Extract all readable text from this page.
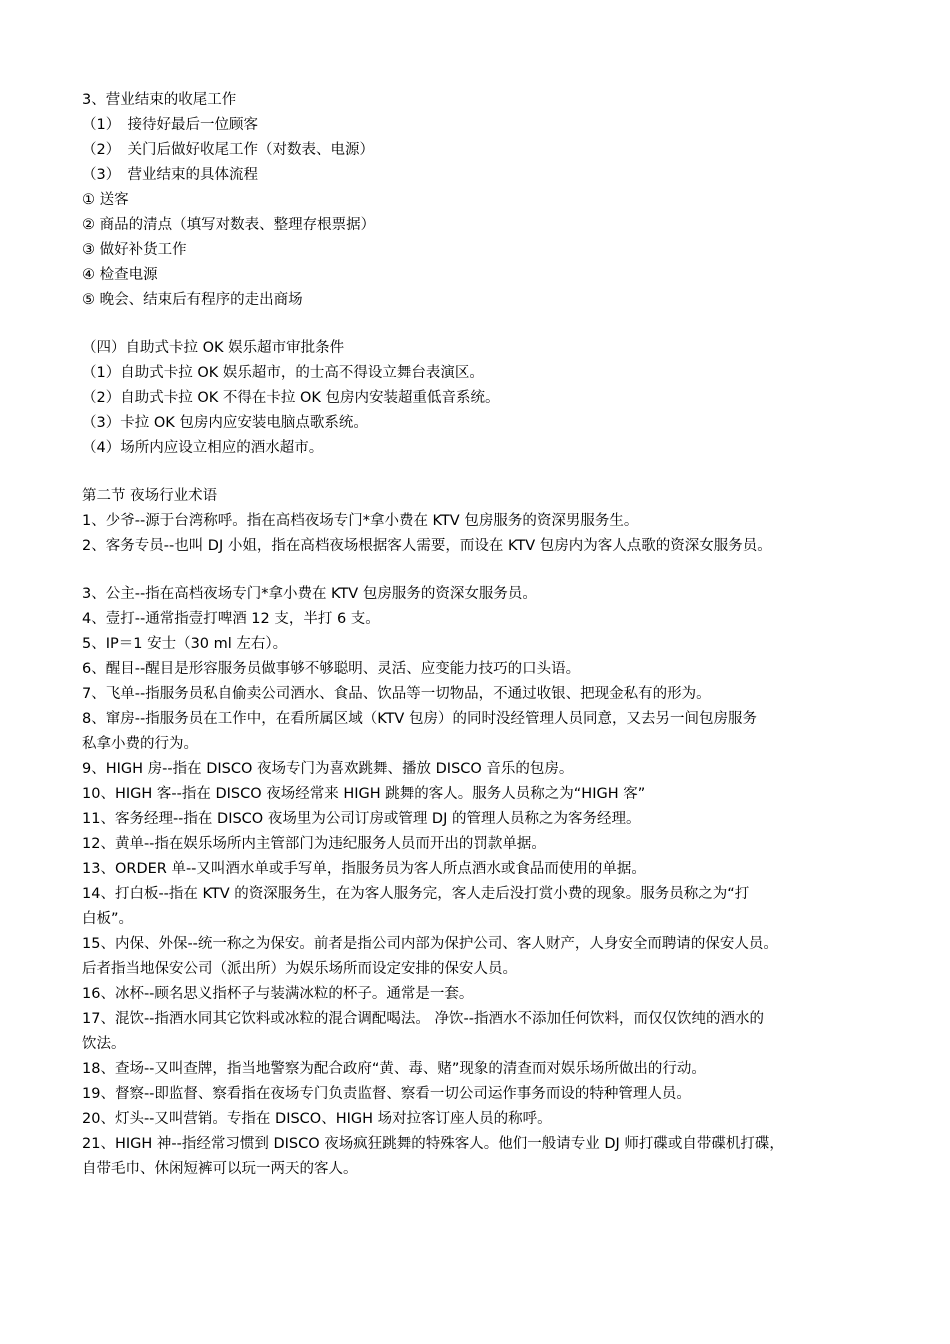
3、营业结束的收尾工作
（1）　接待好最后一位顾客
（2）　关门后做好收尾工作（对数表、电源）
（3）　营业结束的具体流程
① 送客
② 商品的清点（填写对数表、整理存根票据）
③ 做好补货工作
④ 检查电源
⑤ 晚会、结束后有程序的走出商场
（四）自助式卡拉 OK 娱乐超市审批条件
（1）自助式卡拉 OK 娱乐超市，的士高不得设立舞台表演区。
（2）自助式卡拉 OK 不得在卡拉 OK 包房内安装超重低音系统。
（3）卡拉 OK 包房内应安装电脑点歌系统。
（4）场所内应设立相应的酒水超市。
第二节 夜场行业术语
1、少爷--源于台湾称呼。指在高档夜场专门*拿小费在 KTV 包房服务的资深男服务生。
2、客务专员--也叫 DJ 小姐，指在高档夜场根据客人需要，而设在 KTV 包房内为客人点歌的资深女服务员。
3、公主--指在高档夜场专门*拿小费在 KTV 包房服务的资深女服务员。
4、壹打--通常指壹打啤酒 12 支，半打 6 支。
5、IP＝1 安士（30 ml 左右）。
6、醒目--醒目是形容服务员做事够不够聪明、灵活、应变能力技巧的口头语。
7、飞单--指服务员私自偷卖公司酒水、食品、饮品等一切物品，不通过收银、把现金私有的形为。
8、窜房--指服务员在工作中，在看所属区域（KTV 包房）的同时没经管理人员同意，又去另一间包房服务
私拿小费的行为。
9、HIGH 房--指在 DISCO 夜场专门为喜欢跳舞、播放 DISCO 音乐的包房。
10、HIGH 客--指在 DISCO 夜场经常来 HIGH 跳舞的客人。服务人员称之为“HIGH 客”
11、客务经理--指在 DISCO 夜场里为公司订房或管理 DJ 的管理人员称之为客务经理。
12、黄单--指在娱乐场所内主管部门为违纪服务人员而开出的罚款单据。
13、ORDER 单--又叫酒水单或手写单，指服务员为客人所点酒水或食品而使用的单据。
14、打白板--指在 KTV 的资深服务生，在为客人服务完，客人走后没打赏小费的现象。服务员称之为“打
白板”。
15、内保、外保--统一称之为保安。前者是指公司内部为保护公司、客人财产，人身安全而聘请的保安人员。
后者指当地保安公司（派出所）为娱乐场所而设定安排的保安人员。
16、冰杯--顾名思义指杯子与装满冰粒的杯子。通常是一套。
17、混饮--指酒水同其它饮料或冰粒的混合调配喝法。 净饮--指酒水不添加任何饮料，而仅仅饮纯的酒水的
饮法。
18、查场--又叫查牌，指当地警察为配合政府“黄、毒、赌”现象的清查而对娱乐场所做出的行动。
19、督察--即监督、察看指在夜场专门负责监督、察看一切公司运作事务而设的特种管理人员。
20、灯头--又叫营销。专指在 DISCO、HIGH 场对拉客订座人员的称呼。
21、HIGH 神--指经常习惯到 DISCO 夜场疯狂跳舞的特殊客人。他们一般请专业 DJ 师打碟或自带碟机打碟，
自带毛巾、休闲短裤可以玩一两天的客人。
